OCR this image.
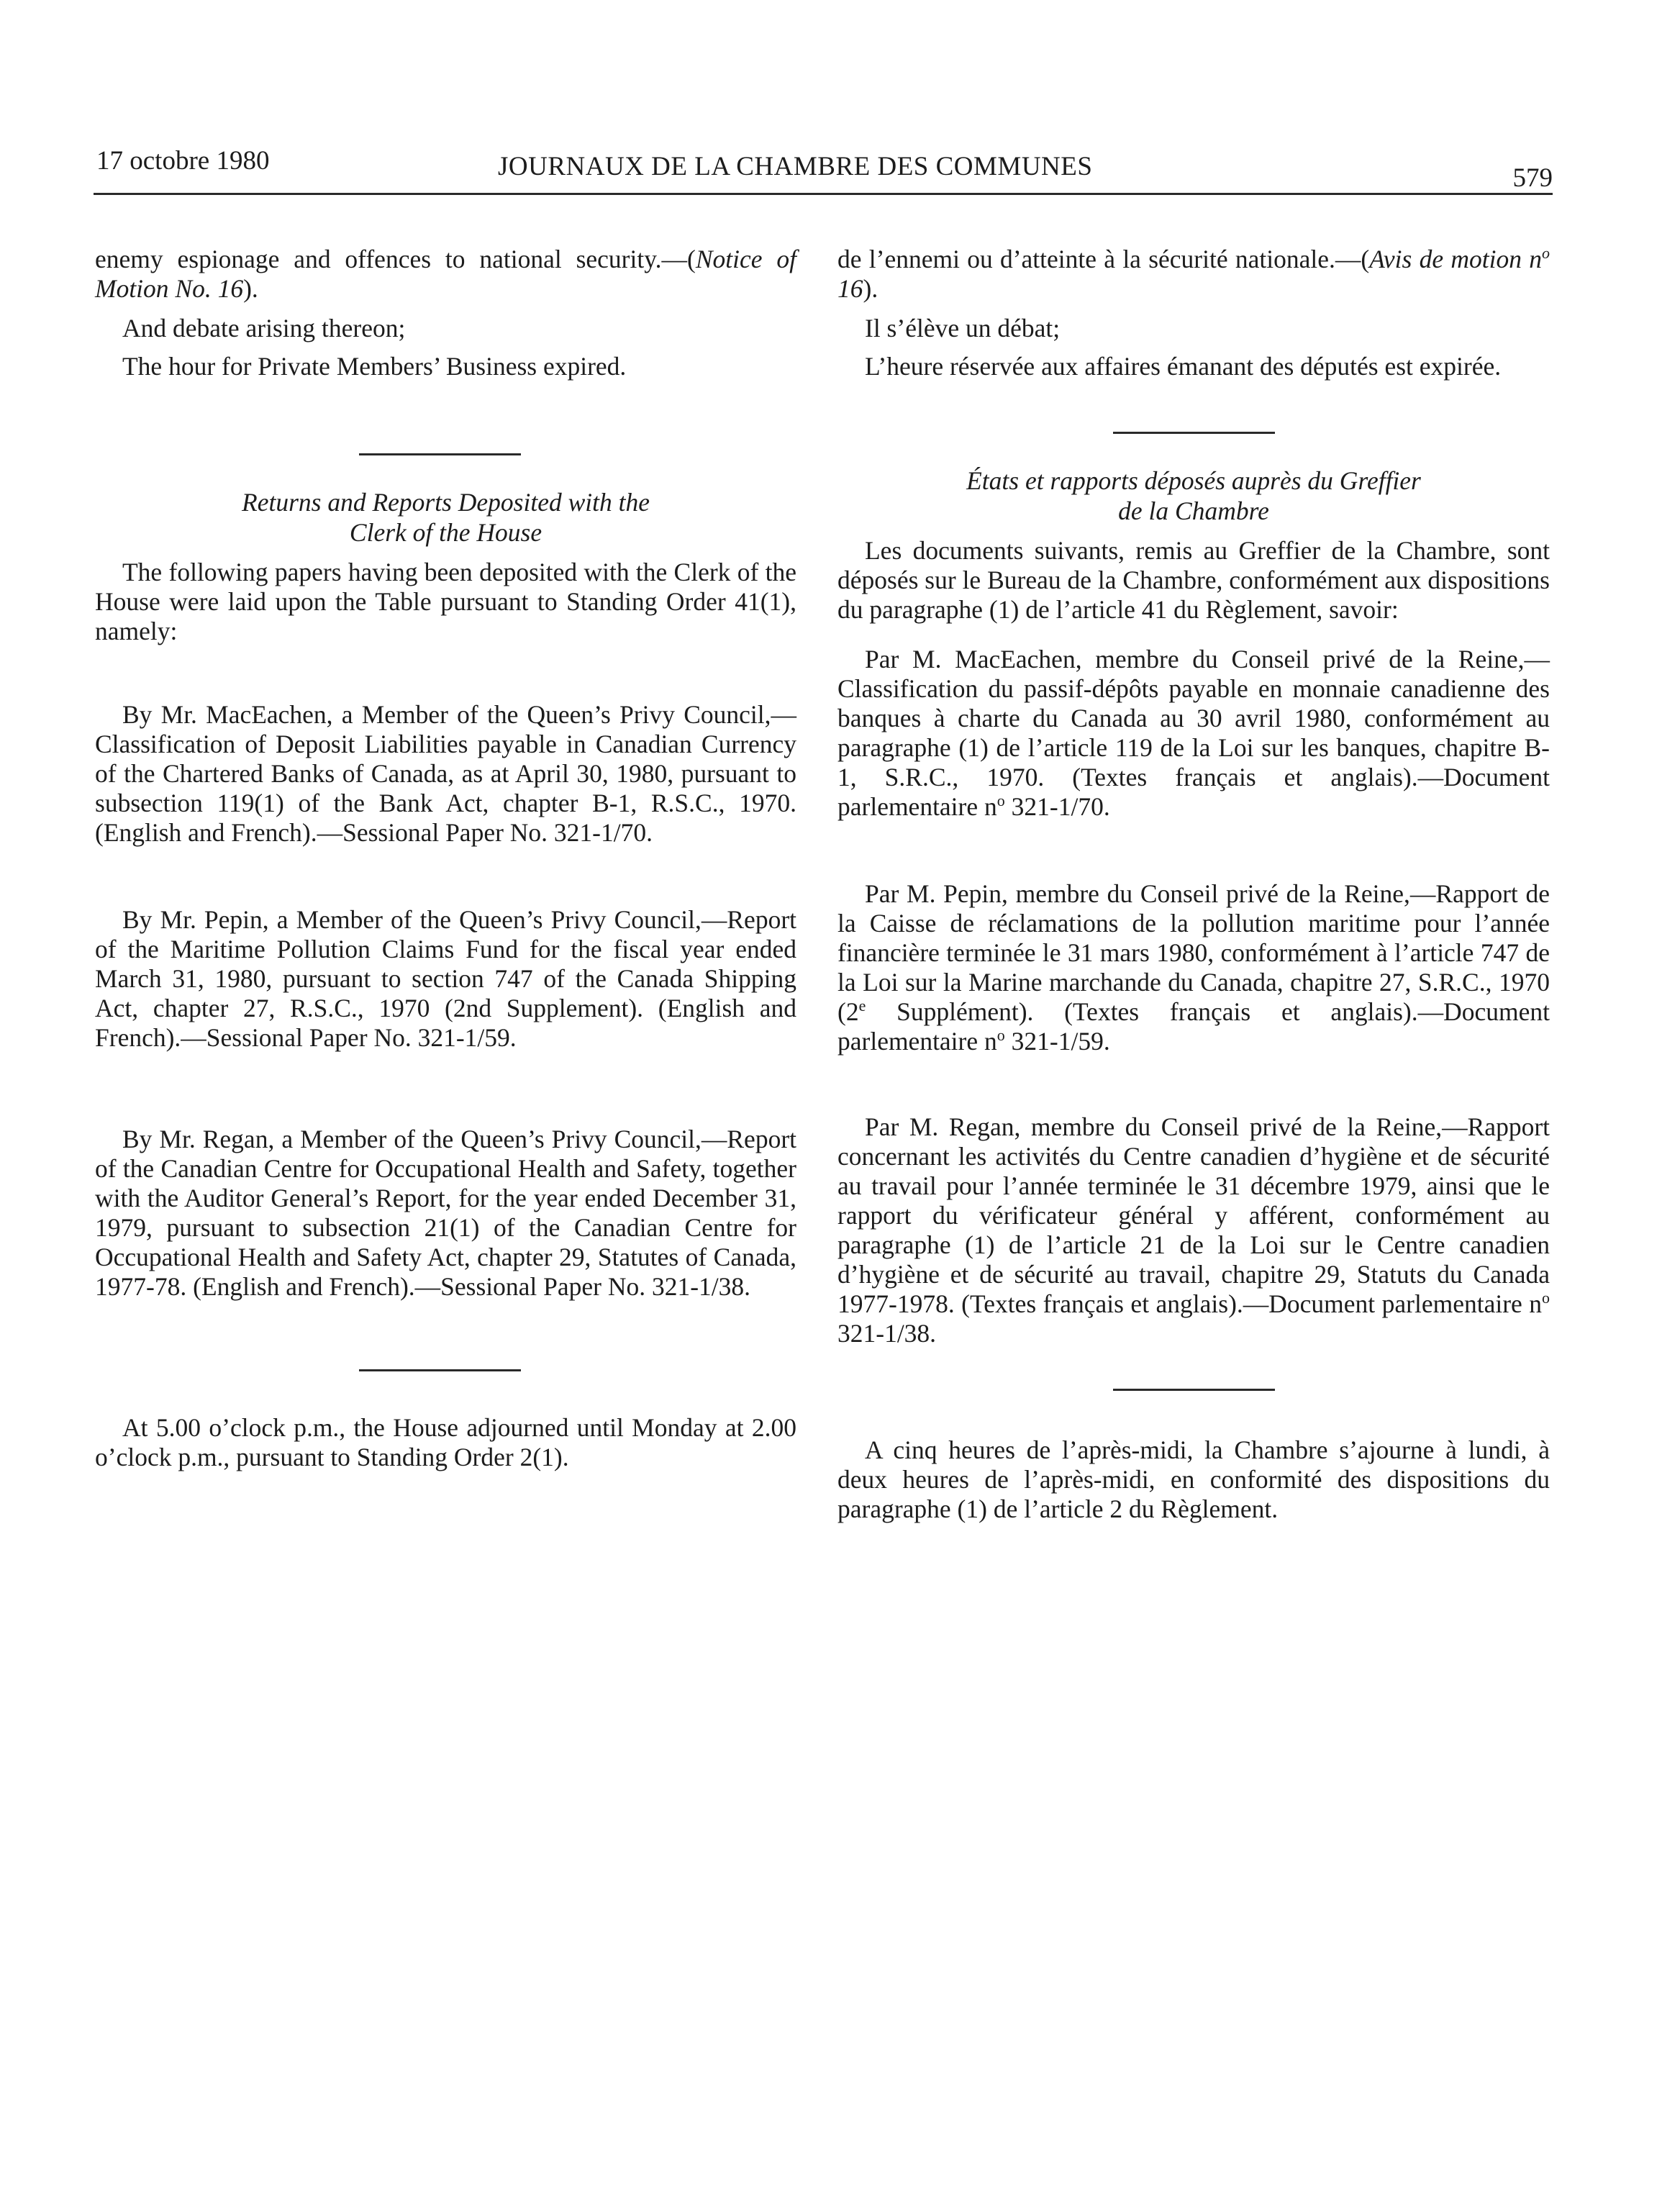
17 octobre 1980	JOURNAUX DE LA CHAMBRE DES COMMUNES	579

enemy espionage and offences to national security.—(Notice of Motion No. 16).

And debate arising thereon;

The hour for Private Members’ Business expired.

Returns and Reports Deposited with the
Clerk of the House

The following papers having been deposited with the Clerk of the House were laid upon the Table pursuant to Standing Order 41(1), namely:

By Mr. MacEachen, a Member of the Queen’s Privy Council,—Classification of Deposit Liabilities payable in Canadian Currency of the Chartered Banks of Canada, as at April 30, 1980, pursuant to subsection 119(1) of the Bank Act, chapter B-1, R.S.C., 1970. (English and French).—Sessional Paper No. 321-1/70.

By Mr. Pepin, a Member of the Queen’s Privy Council,—Report of the Maritime Pollution Claims Fund for the fiscal year ended March 31, 1980, pursuant to section 747 of the Canada Shipping Act, chapter 27, R.S.C., 1970 (2nd Supplement). (English and French).—Sessional Paper No. 321-1/59.

By Mr. Regan, a Member of the Queen’s Privy Council,—Report of the Canadian Centre for Occupational Health and Safety, together with the Auditor General’s Report, for the year ended December 31, 1979, pursuant to subsection 21(1) of the Canadian Centre for Occupational Health and Safety Act, chapter 29, Statutes of Canada, 1977-78. (English and French).—Sessional Paper No. 321-1/38.

At 5.00 o’clock p.m., the House adjourned until Monday at 2.00 o’clock p.m., pursuant to Standing Order 2(1).

de l’ennemi ou d’atteinte à la sécurité nationale.—(Avis de motion $n^o$ 16).

Il s’élève un débat;

L’heure réservée aux affaires émanant des députés est expirée.

États et rapports déposés auprès du Greffier
de la Chambre

Les documents suivants, remis au Greffier de la Chambre, sont déposés sur le Bureau de la Chambre, conformément aux dispositions du paragraphe (1) de l’article 41 du Règlement, savoir:

Par M. MacEachen, membre du Conseil privé de la Reine,—Classification du passif-dépôts payable en monnaie canadienne des banques à charte du Canada au 30 avril 1980, conformément au paragraphe (1) de l’article 119 de la Loi sur les banques, chapitre B-1, S.R.C., 1970. (Textes français et anglais).—Document parlementaire $n^o$ 321-1/70.

Par M. Pepin, membre du Conseil privé de la Reine,—Rapport de la Caisse de réclamations de la pollution maritime pour l’année financière terminée le 31 mars 1980, conformément à l’article 747 de la Loi sur la Marine marchande du Canada, chapitre 27, S.R.C., 1970 (2e Supplément). (Textes français et anglais).—Document parlementaire $n^o$ 321-1/59.

Par M. Regan, membre du Conseil privé de la Reine,—Rapport concernant les activités du Centre canadien d’hygiène et de sécurité au travail pour l’année terminée le 31 décembre 1979, ainsi que le rapport du vérificateur général y afférent, conformément au paragraphe (1) de l’article 21 de la Loi sur le Centre canadien d’hygiène et de sécurité au travail, chapitre 29, Statuts du Canada 1977-1978. (Textes français et anglais).—Document parlementaire $n^o$ 321-1/38.

A cinq heures de l’après-midi, la Chambre s’ajourne à lundi, à deux heures de l’après-midi, en conformité des dispositions du paragraphe (1) de l’article 2 du Règlement.
